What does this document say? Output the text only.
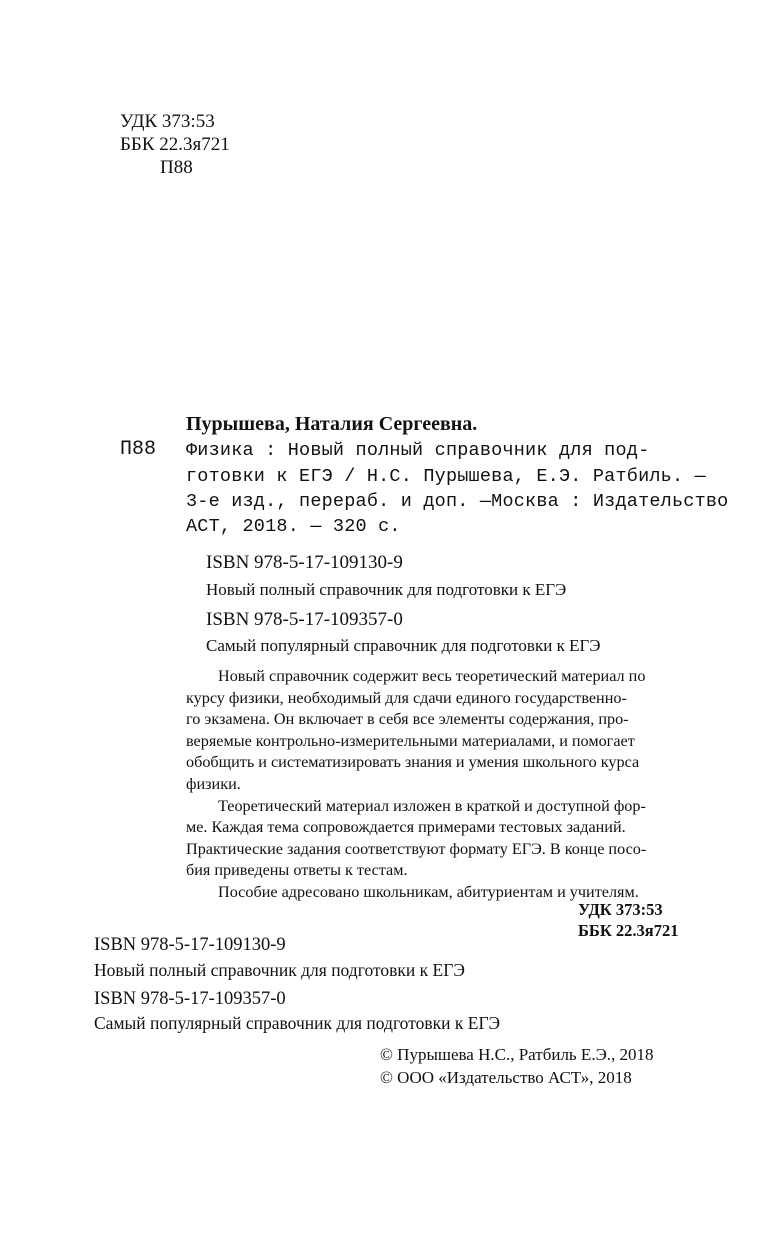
УДК 373:53
ББК 22.3я721
П88
Пурышева, Наталия Сергеевна.
П88 Физика : Новый полный справочник для под-
готовки к ЕГЭ / Н.С. Пурышева, Е.Э. Ратбиль. —
3-е изд., перераб. и доп. —Москва : Издательство
АСТ, 2018. — 320 с.
ISBN 978-5-17-109130-9
Новый полный справочник для подготовки к ЕГЭ
ISBN 978-5-17-109357-0
Самый популярный справочник для подготовки к ЕГЭ
Новый справочник содержит весь теоретический материал по
курсу физики, необходимый для сдачи единого государственно-
го экзамена. Он включает в себя все элементы содержания, про-
веряемые контрольно-измерительными материалами, и помогает
обобщить и систематизировать знания и умения школьного курса
физики.
Теоретический материал изложен в краткой и доступной фор-
ме. Каждая тема сопровождается примерами тестовых заданий.
Практические задания соответствуют формату ЕГЭ. В конце посо-
бия приведены ответы к тестам.
Пособие адресовано школьникам, абитуриентам и учителям.
УДК 373:53
ББК 22.3я721
ISBN 978-5-17-109130-9
Новый полный справочник для подготовки к ЕГЭ
ISBN 978-5-17-109357-0
Самый популярный справочник для подготовки к ЕГЭ
© Пурышева Н.С., Ратбиль Е.Э., 2018
© ООО «Издательство АСТ», 2018
